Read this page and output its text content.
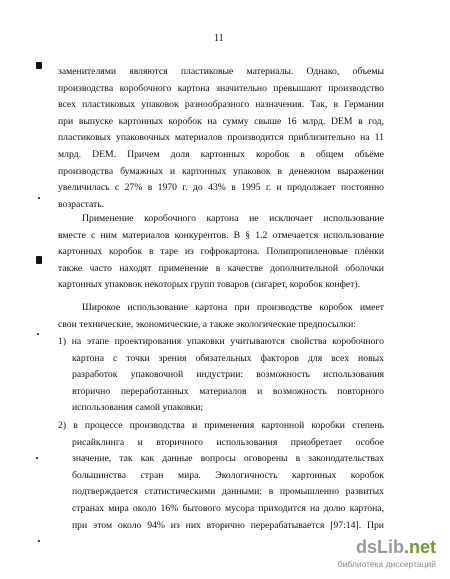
11
заменителями являются пластиковые материалы. Однако, объемы
производства коробочного картона значительно превышают производство
всех пластиковых упаковок разнообразного назначения. Так, в Германии
при выпуске картонных коробок на сумму свыше 16 млрд. DEM в год,
пластиковых упаковочных материалов производится приблизительно на 11
млрд. DEM. Причем доля картонных коробок в общем объёме
производства бумажных и картонных упаковок в денежном выражении
увеличилась с 27% в 1970 г. до 43% в 1995 г. и продолжает постоянно
возрастать.
Применение коробочного картона не исключает использование
вместе с ним материалов конкурентов. В § 1.2 отмечается использование
картонных коробок в таре из гофрокартона. Полипропиленовые плёнки
также часто находят применение в качестве дополнительной оболочки
картонных упаковок некоторых групп товаров (сигарет, коробок конфет).
Широкое использование картона при производстве коробок имеет
свои технические, экономические, а также экологические предпосылки:
1) на этапе проектирования упаковки учитываются свойства коробочного
картона с точки зрения обязательных факторов для всех новых
разработок упаковочной индустрии: возможность использования
вторично переработанных материалов и возможность повторного
использования самой упаковки;
2) в процессе производства и применения картонной коробки степень
рисайклинга и вторичного использования приобретает особое
значение, так как данные вопросы оговорены в законодательствах
большинства стран мира. Экологичность картонных коробок
подтверждается статистическими данными: в промышленно развитых
странах мира около 16% бытового мусора приходится на долю картона,
при этом около 94% из них вторично перерабатывается [97:14]. При
dsLib.net
библиотека диссертаций
